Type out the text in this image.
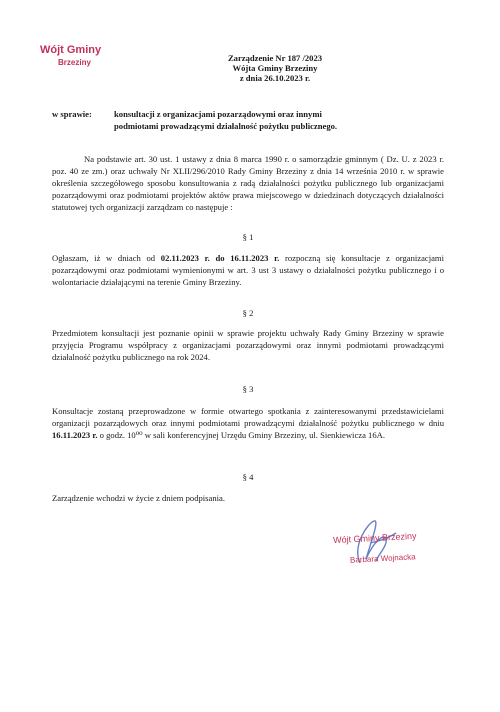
Wójt Gminy
Brzeziny	Zarządzenie Nr 187 /2023
Wójta Gminy Brzeziny
z dnia 26.10.2023 r.
w sprawie:	konsultacji z organizacjami pozarządowymi oraz innymi
podmiotami prowadzącymi działalność pożytku publicznego.
Na podstawie art. 30 ust. 1 ustawy z dnia 8 marca 1990 r. o samorządzie gminnym ( Dz. U. z 2023 r. poz. 40 ze zm.) oraz uchwały Nr XLII/296/2010 Rady Gminy Brzeziny z dnia 14 września 2010 r. w sprawie określenia szczegółowego sposobu konsultowania z radą działalności pożytku publicznego lub organizacjami pozarządowymi oraz podmiotami projektów aktów prawa miejscowego w dziedzinach dotyczących działalności statutowej tych organizacji zarządzam co następuje :
§ 1
Ogłaszam, iż w dniach od 02.11.2023 r. do 16.11.2023 r. rozpoczną się konsultacje z organizacjami pozarządowymi oraz podmiotami wymienionymi w art. 3 ust 3 ustawy o działalności pożytku publicznego i o wolontariacie działającymi na terenie Gminy Brzeziny.
§ 2
Przedmiotem konsultacji jest poznanie opinii w sprawie projektu uchwały Rady Gminy Brzeziny w sprawie przyjęcia Programu współpracy z organizacjami pozarządowymi oraz innymi podmiotami prowadzącymi działalność pożytku publicznego na rok 2024.
§ 3
Konsultacje zostaną przeprowadzone w formie otwartego spotkania z zainteresowanymi przedstawicielami organizacji pozarządowych oraz innymi podmiotami prowadzącymi działalność pożytku publicznego w dniu 16.11.2023 r. o godz. 10⁰⁰ w sali konferencyjnej Urzędu Gminy Brzeziny, ul. Sienkiewicza 16A.
§ 4
Zarządzenie wchodzi w życie z dniem podpisania.
Wójt Gminy Brzeziny
Barbara Wojnacka
